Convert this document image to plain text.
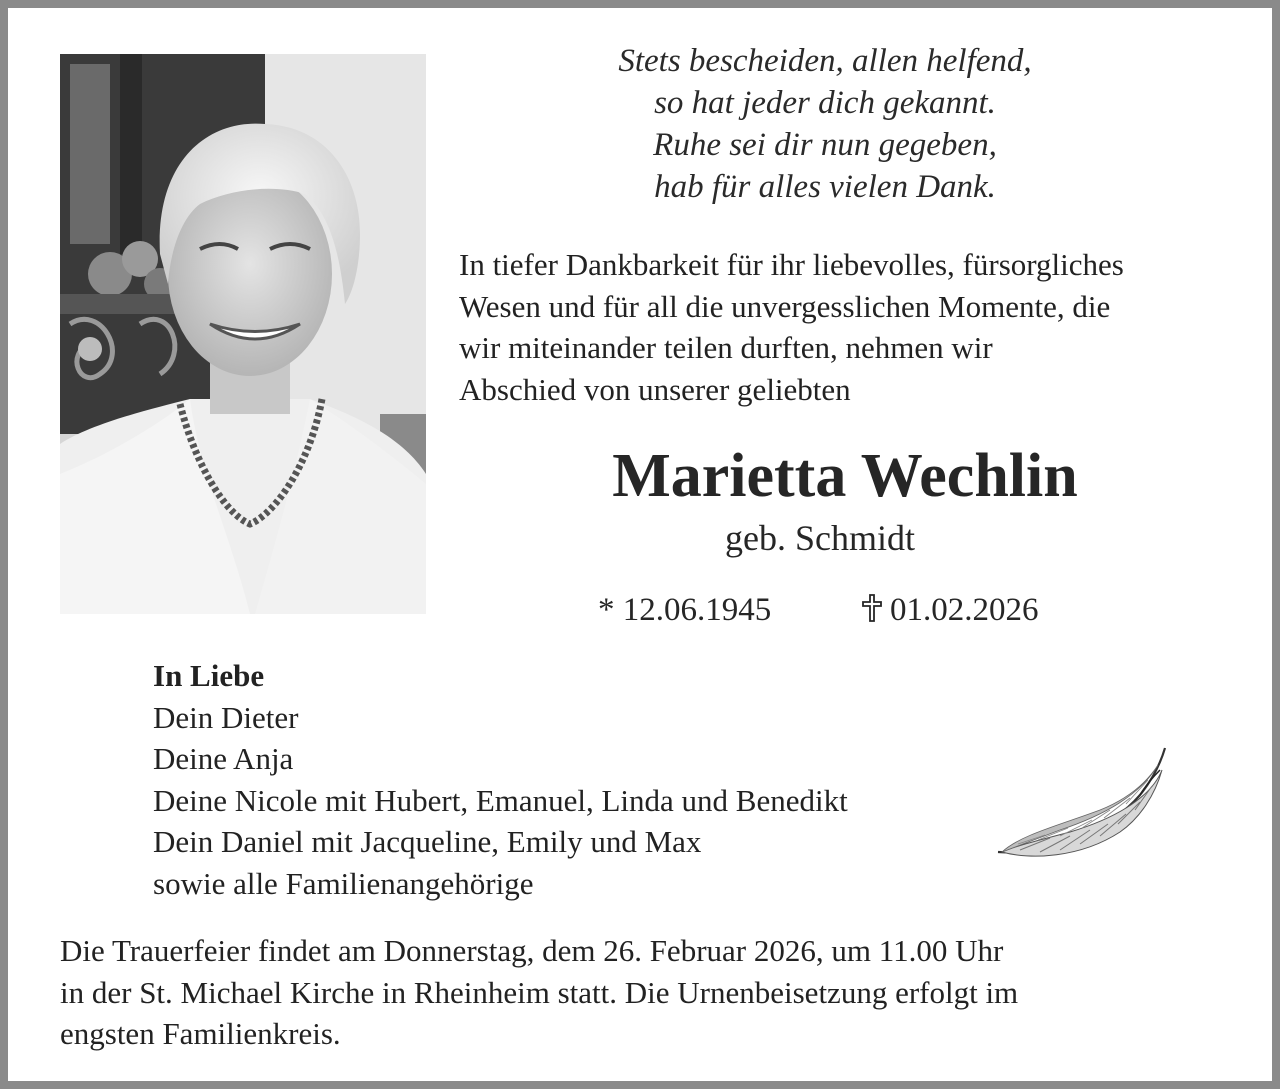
Stets bescheiden, allen helfend,
so hat jeder dich gekannt.
Ruhe sei dir nun gegeben,
hab für alles vielen Dank.
In tiefer Dankbarkeit für ihr liebevolles, fürsorgliches
Wesen und für all die unvergesslichen Momente, die
wir miteinander teilen durften, nehmen wir
Abschied von unserer geliebten
Marietta Wechlin
geb. Schmidt
* 12.06.1945	01.02.2026
In Liebe
Dein Dieter
Deine Anja
Deine Nicole mit Hubert, Emanuel, Linda und Benedikt
Dein Daniel mit Jacqueline, Emily und Max
sowie alle Familienangehörige
Die Trauerfeier findet am Donnerstag, dem 26. Februar 2026, um 11.00 Uhr
in der St. Michael Kirche in Rheinheim statt. Die Urnenbeisetzung erfolgt im
engsten Familienkreis.
